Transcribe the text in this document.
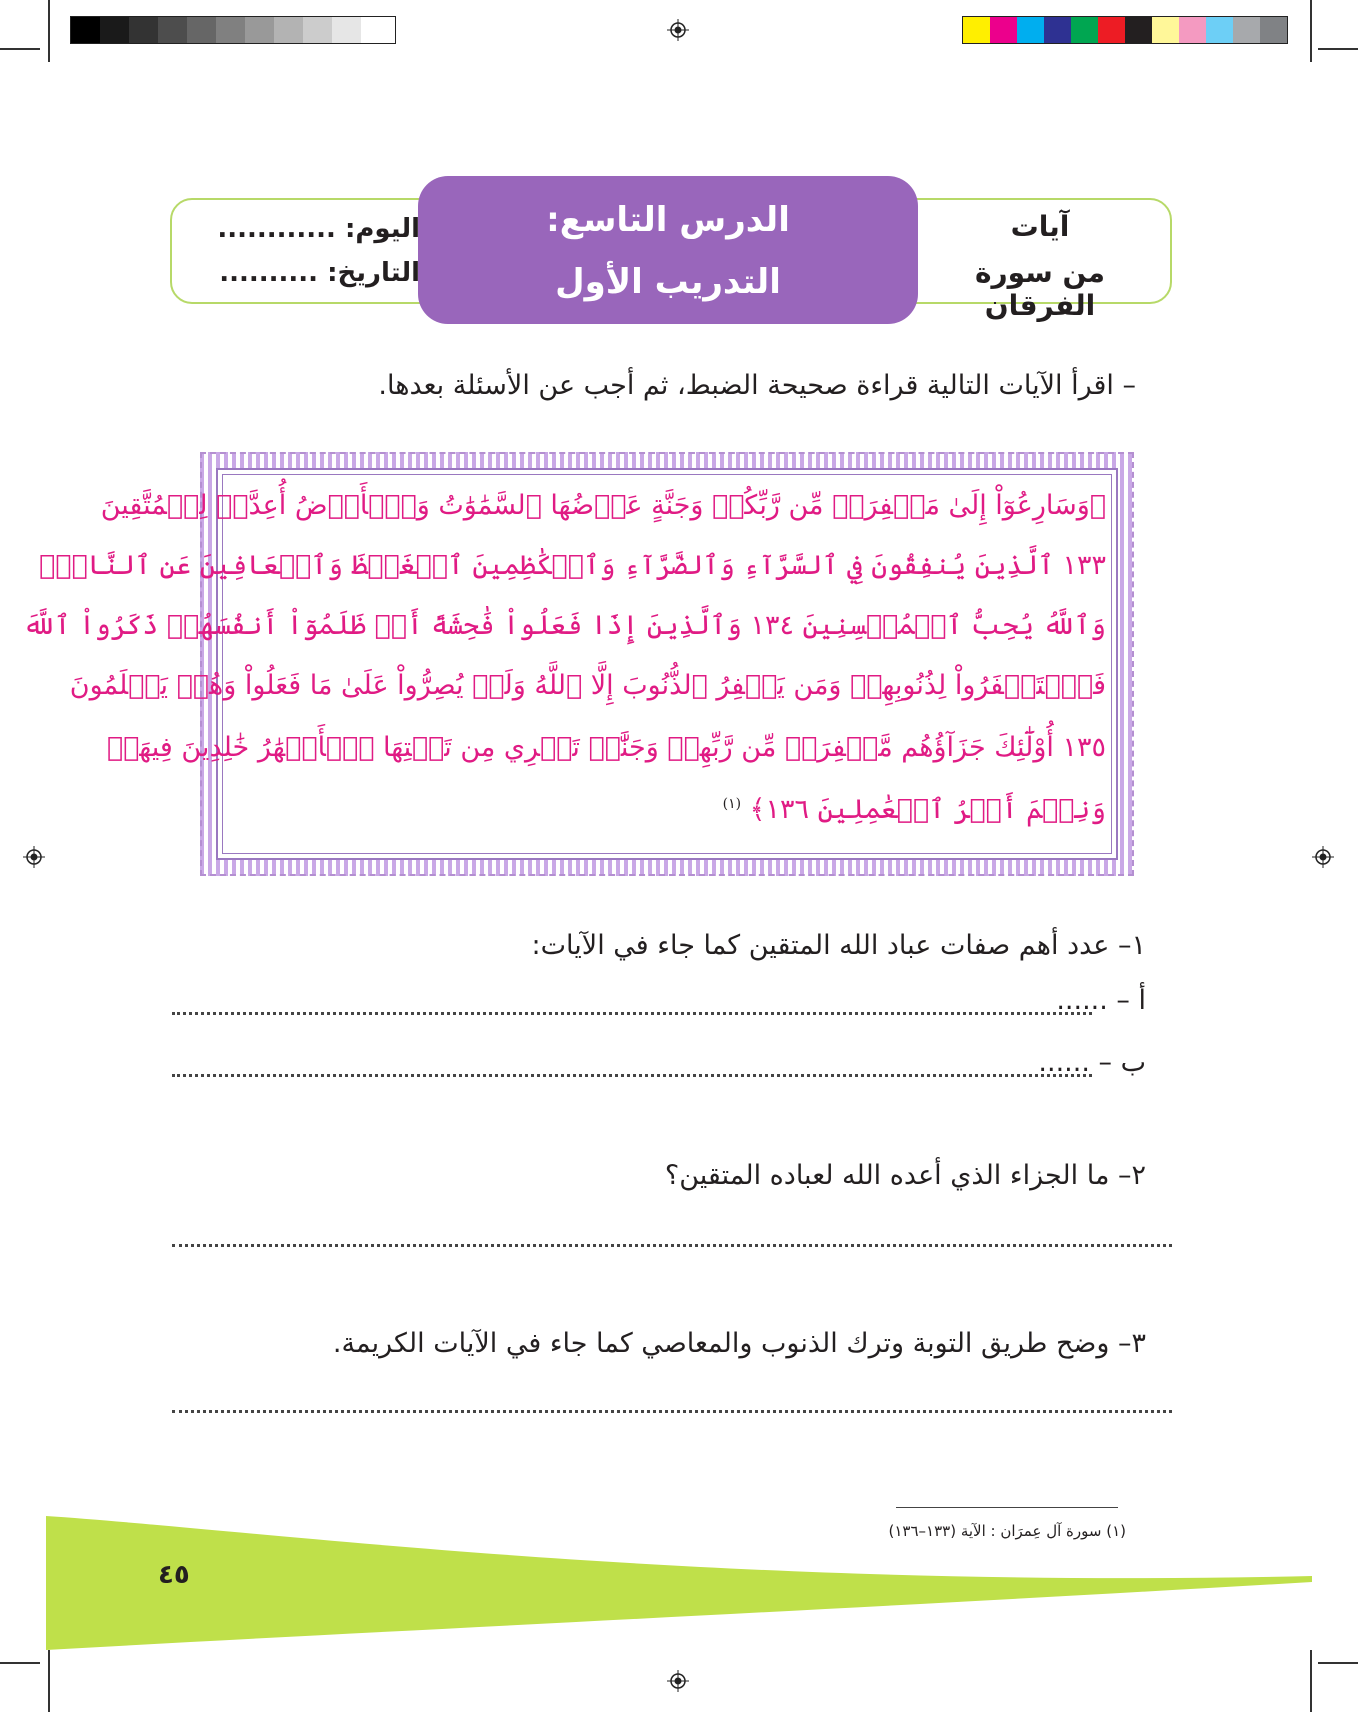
الدرس التاسع:
التدريب الأول
آيات
من سورة الفرقان
اليوم: ............
التاريخ: ..........
– اقرأ الآيات التالية قراءة صحيحة الضبط، ثم أجب عن الأسئلة بعدها.
﴿وَسَارِعُوٓاْ إِلَىٰ مَغۡفِرَةٖ مِّن رَّبِّكُمۡ وَجَنَّةٍ عَرۡضُهَا ٱلسَّمَٰوَٰتُ وَٱلۡأَرۡضُ أُعِدَّتۡ لِلۡمُتَّقِينَ
١٣٣ ٱلَّذِينَ يُنفِقُونَ فِي ٱلسَّرَّآءِ وَٱلضَّرَّآءِ وَٱلۡكَٰظِمِينَ ٱلۡغَيۡظَ وَٱلۡعَافِينَ عَنِ ٱلنَّاسِۗ
وَٱللَّهُ يُحِبُّ ٱلۡمُحۡسِنِينَ ١٣٤ وَٱلَّذِينَ إِذَا فَعَلُواْ فَٰحِشَةً أَوۡ ظَلَمُوٓاْ أَنفُسَهُمۡ ذَكَرُواْ ٱللَّهَ
فَٱسۡتَغۡفَرُواْ لِذُنُوبِهِمۡ وَمَن يَغۡفِرُ ٱلذُّنُوبَ إِلَّا ٱللَّهُ وَلَمۡ يُصِرُّواْ عَلَىٰ مَا فَعَلُواْ وَهُمۡ يَعۡلَمُونَ
١٣٥ أُوْلَٰٓئِكَ جَزَآؤُهُم مَّغۡفِرَةٞ مِّن رَّبِّهِمۡ وَجَنَّٰتٞ تَجۡرِي مِن تَحۡتِهَا ٱلۡأَنۡهَٰرُ خَٰلِدِينَ فِيهَاۚ
وَنِعۡمَ أَجۡرُ ٱلۡعَٰمِلِينَ ١٣٦﴾ $^{(١)}$
١– عدد أهم صفات عباد الله المتقين كما جاء في الآيات:
أ – ......
ب – ......
٢– ما الجزاء الذي أعده الله لعباده المتقين؟
٣– وضح طريق التوبة وترك الذنوب والمعاصي كما جاء في الآيات الكريمة.
(١) سورة آل عِمرَان : الآية (١٣٣–١٣٦)
٤٥
